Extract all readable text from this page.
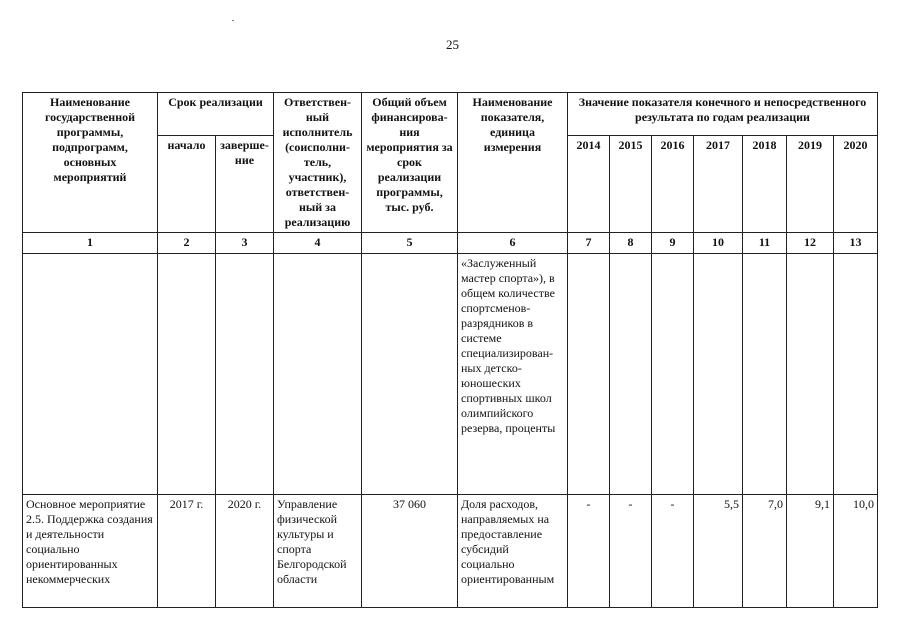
25
Наименование государственной программы, подпрограмм, основных мероприятий	Срок реализации		Ответствен-ный исполнитель (соисполни-тель, участник), ответствен-ный за реализацию	Общий объем финансирова-ния мероприятия за срок реализации программы, тыс. руб.	Наименование показателя, единица измерения	Значение показателя конечного и непосредственного результата по годам реализации						
	начало	заверше-ние				2014	2015	2016	2017	2018	2019	2020
1	2	3	4	5	6	7	8	9	10	11	12	13
					«Заслуженный мастер спорта»), в общем количестве спортсменов-разрядников в системе специализирован-ных детско-юношеских спортивных школ олимпийского резерва, проценты							
Основное мероприятие 2.5. Поддержка создания и деятельности социально ориентированных некоммерческих	2017 г.	2020 г.	Управление физической культуры и спорта Белгородской области	37 060	Доля расходов, направляемых на предоставление субсидий социально ориентированным	-	-	-	5,5	7,0	9,1	10,0
